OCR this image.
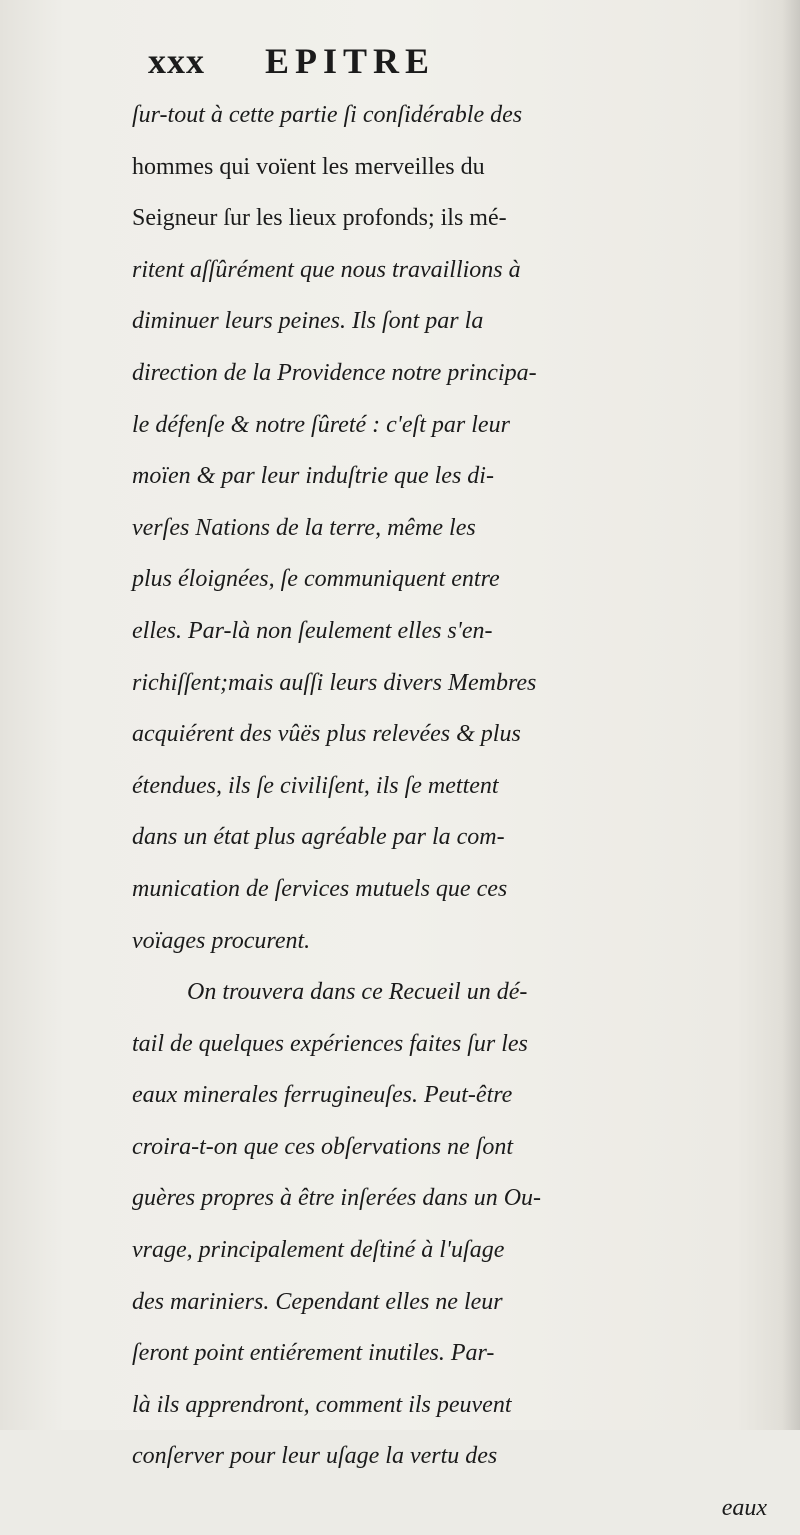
xxx EPITRE
ſur-tout à cette partie ſi conſidérable des
hommes qui voïent les merveilles du
Seigneur ſur les lieux profonds; ils mé-
ritent aſſûrément que nous travaillions à
diminuer leurs peines. Ils ſont par la
direction de la Providence notre principa-
le défenſe & notre ſûreté : c'eſt par leur
moïen & par leur induſtrie que les di-
verſes Nations de la terre, même les
plus éloignées, ſe communiquent entre
elles. Par-là non ſeulement elles s'en-
richiſſent;mais auſſi leurs divers Membres
acquiérent des vûës plus relevées & plus
étendues, ils ſe civiliſent, ils ſe mettent
dans un état plus agréable par la com-
munication de ſervices mutuels que ces
voïages procurent.
On trouvera dans ce Recueil un dé-
tail de quelques expériences faites ſur les
eaux minerales ferrugineuſes. Peut-être
croira-t-on que ces obſervations ne ſont
guères propres à être inſerées dans un Ou-
vrage, principalement deſtiné à l'uſage
des mariniers. Cependant elles ne leur
ſeront point entiérement inutiles. Par-
là ils apprendront, comment ils peuvent
conſerver pour leur uſage la vertu des
eaux
